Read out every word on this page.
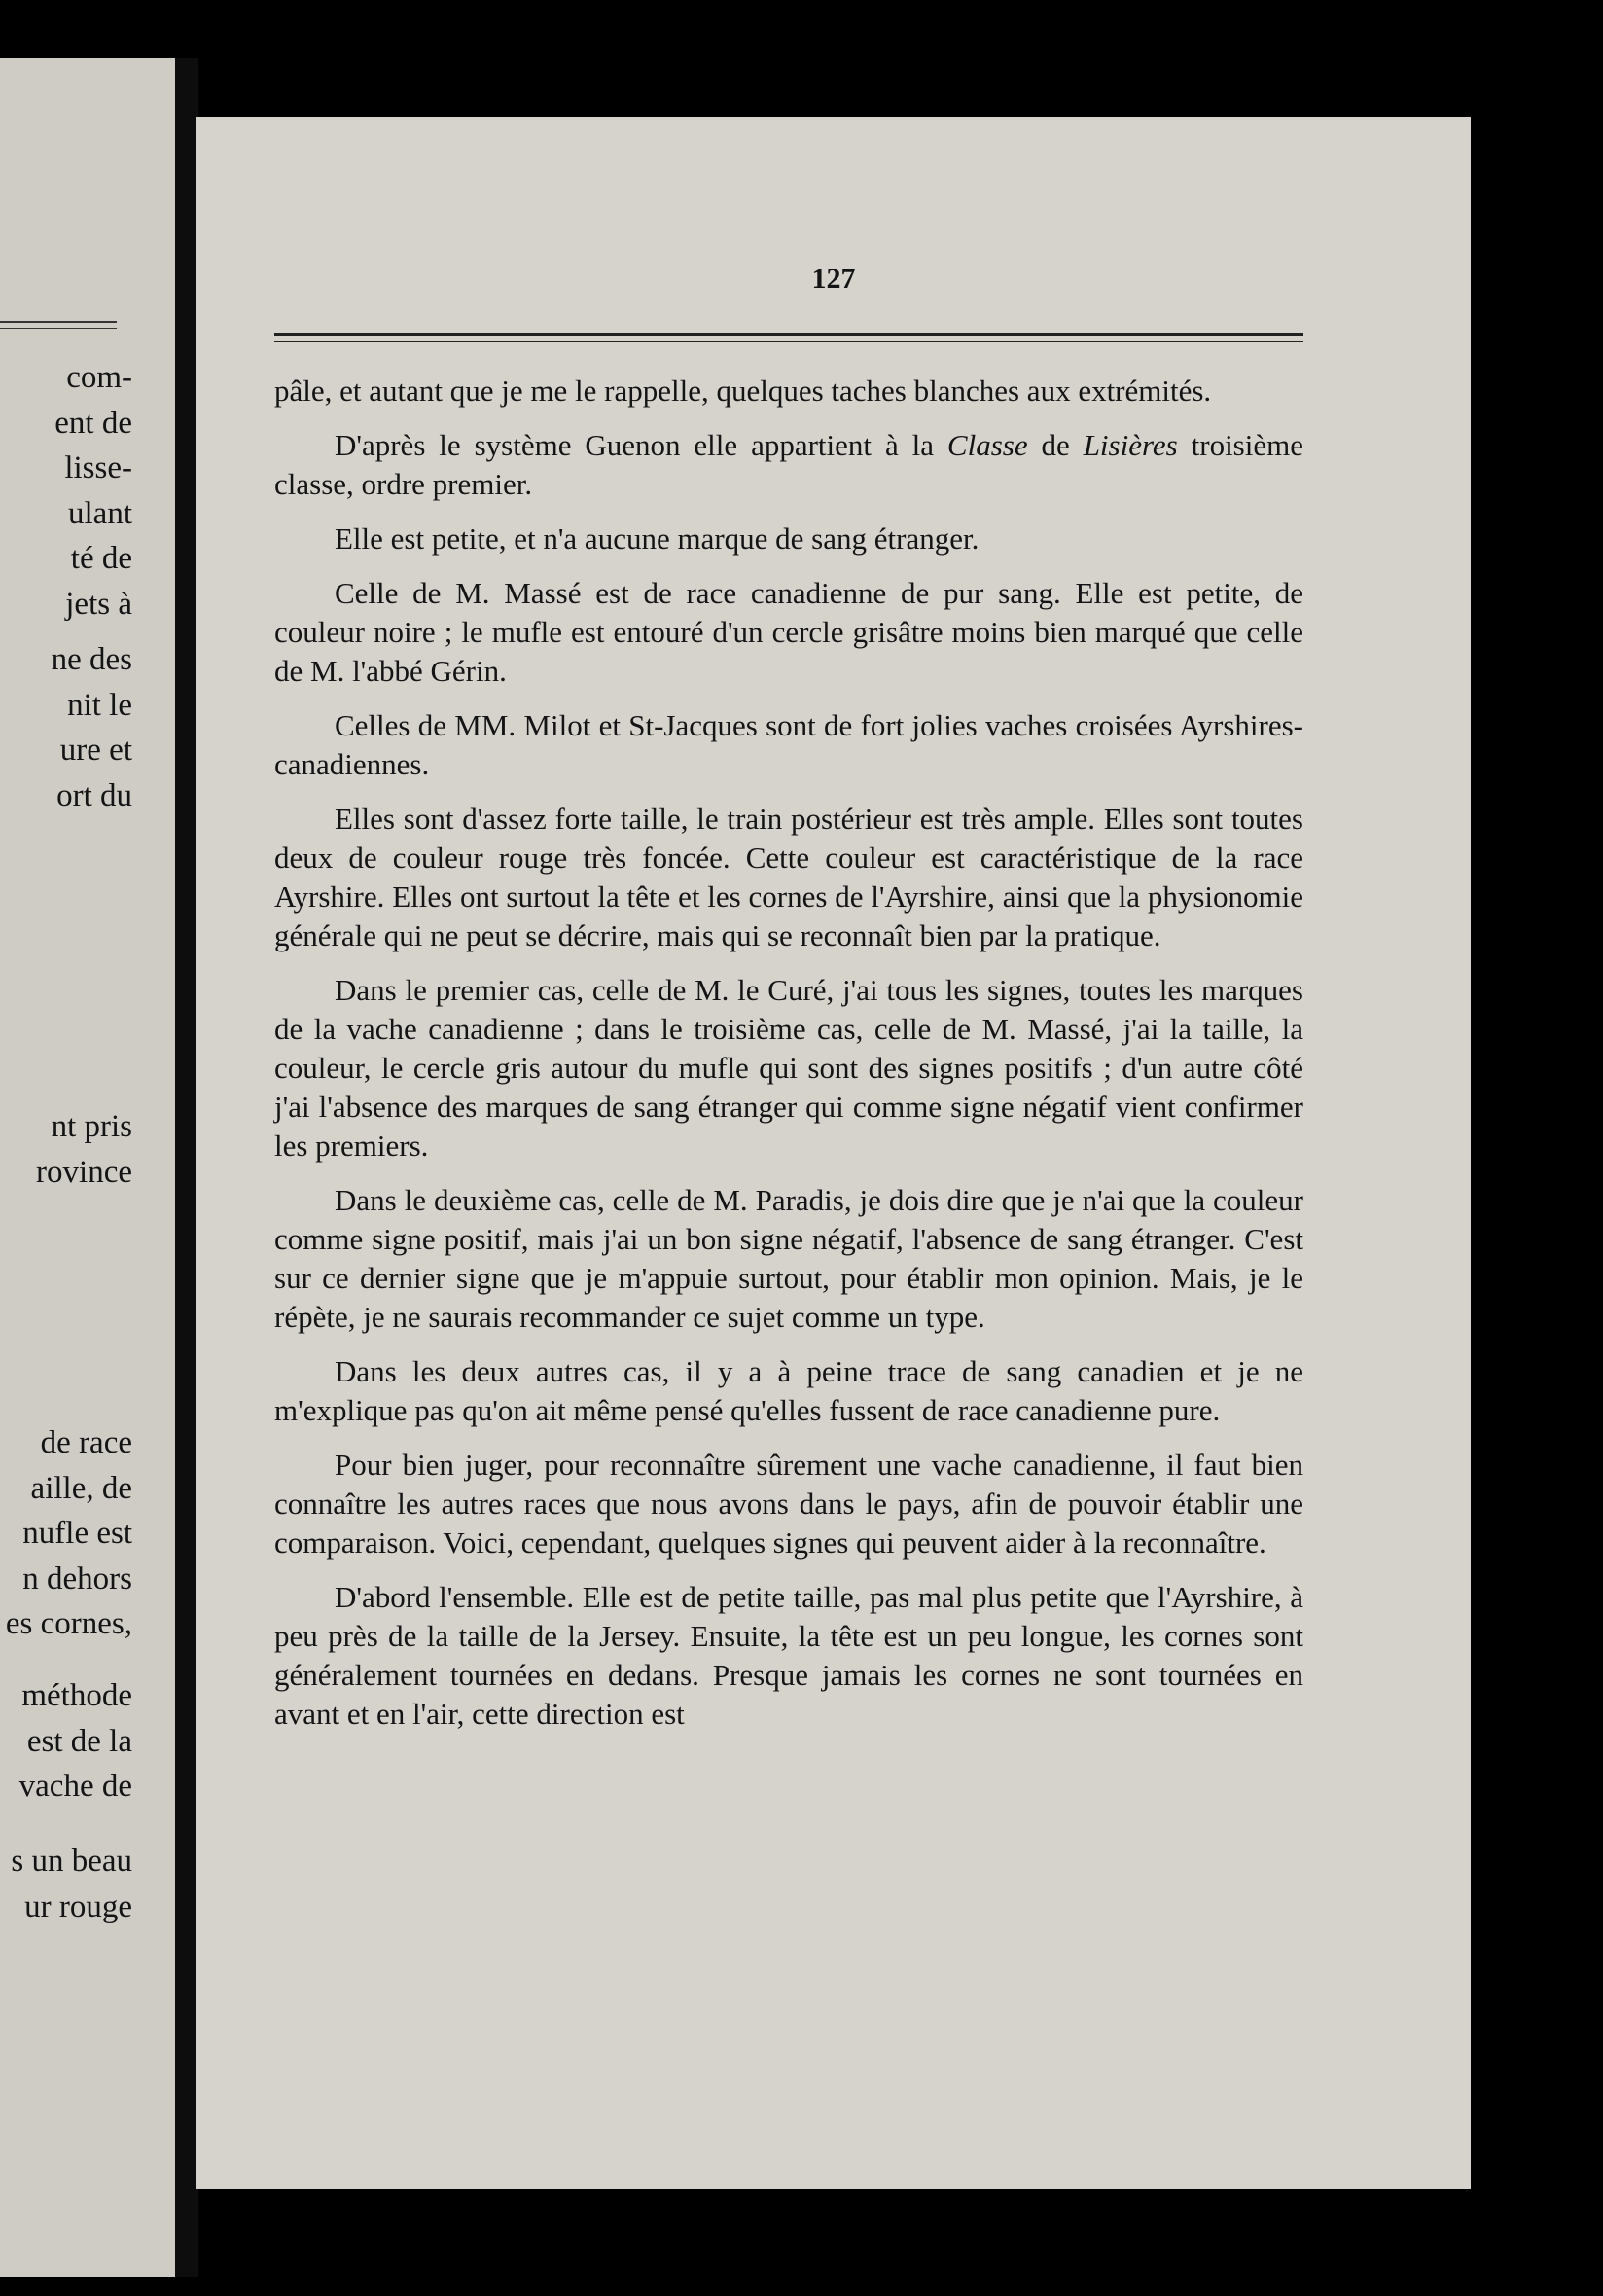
com-
ent de
lisse-
ulant
té de
jets à
ne des
nit le
ure et
ort du
nt pris
rovince
de race
aille, de
nufle est
n dehors
es cornes,
méthode
est de la
vache de
s un beau
ur rouge
127

pâle, et autant que je me le rappelle, quelques taches blanches aux extrémités.

D'après le système Guenon elle appartient à la Classe de Lisières troisième classe, ordre premier.

Elle est petite, et n'a aucune marque de sang étranger.

Celle de M. Massé est de race canadienne de pur sang. Elle est petite, de couleur noire ; le mufle est entouré d'un cercle grisâtre moins bien marqué que celle de M. l'abbé Gérin.

Celles de MM. Milot et St-Jacques sont de fort jolies vaches croisées Ayrshires-canadiennes.

Elles sont d'assez forte taille, le train postérieur est très ample. Elles sont toutes deux de couleur rouge très foncée. Cette couleur est caractéristique de la race Ayrshire. Elles ont surtout la tête et les cornes de l'Ayrshire, ainsi que la physionomie générale qui ne peut se décrire, mais qui se reconnaît bien par la pratique.

Dans le premier cas, celle de M. le Curé, j'ai tous les signes, toutes les marques de la vache canadienne ; dans le troisième cas, celle de M. Massé, j'ai la taille, la couleur, le cercle gris autour du mufle qui sont des signes positifs ; d'un autre côté j'ai l'absence des marques de sang étranger qui comme signe négatif vient confirmer les premiers.

Dans le deuxième cas, celle de M. Paradis, je dois dire que je n'ai que la couleur comme signe positif, mais j'ai un bon signe négatif, l'absence de sang étranger. C'est sur ce dernier signe que je m'appuie surtout, pour établir mon opinion. Mais, je le répète, je ne saurais recommander ce sujet comme un type.

Dans les deux autres cas, il y a à peine trace de sang canadien et je ne m'explique pas qu'on ait même pensé qu'elles fussent de race canadienne pure.

Pour bien juger, pour reconnaître sûrement une vache canadienne, il faut bien connaître les autres races que nous avons dans le pays, afin de pouvoir établir une comparaison. Voici, cependant, quelques signes qui peuvent aider à la reconnaître.

D'abord l'ensemble. Elle est de petite taille, pas mal plus petite que l'Ayrshire, à peu près de la taille de la Jersey. Ensuite, la tête est un peu longue, les cornes sont généralement tournées en dedans. Presque jamais les cornes ne sont tournées en avant et en l'air, cette direction est
